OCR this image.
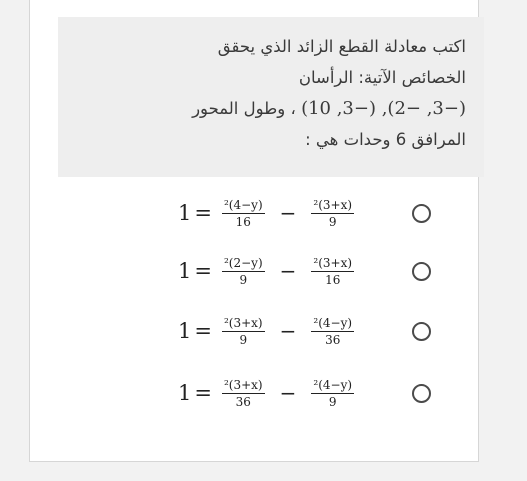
اكتب معادلة القطع الزائد الذي يحقق
الخصائص الآتية: الرأسان
(10 ,3−) ,(2− ,3−) ، وطول المحور
المرافق 6 وحدات هي :
$1 = \frac{\text{²(4−y)}}{16} - \frac{\text{²(3+x)}}{9}$
$1 = \frac{\text{²(2−y)}}{9} - \frac{\text{²(3+x)}}{16}$
$1 = \frac{\text{²(3+x)}}{9} - \frac{\text{²(4−y)}}{36}$
$1 = \frac{\text{²(3+x)}}{36} - \frac{\text{²(4−y)}}{9}$
